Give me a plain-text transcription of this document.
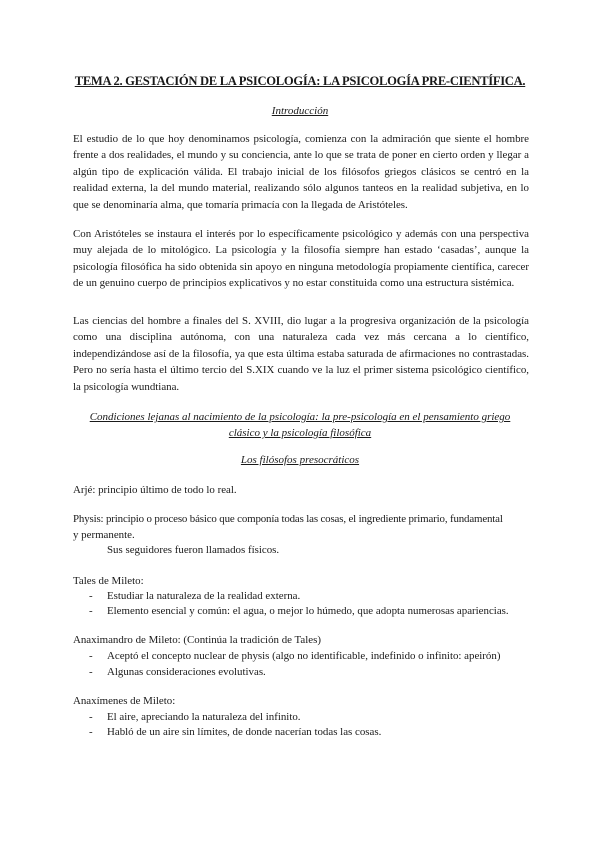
TEMA 2. GESTACIÓN DE LA PSICOLOGÍA: LA PSICOLOGÍA PRE-CIENTÍFICA.
Introducción
El estudio de lo que hoy denominamos psicología, comienza con la admiración que siente el hombre frente a dos realidades, el mundo y su conciencia, ante lo que se trata de poner en cierto orden y llegar a algún tipo de explicación válida. El trabajo inicial de los filósofos griegos clásicos se centró en la realidad externa, la del mundo material, realizando sólo algunos tanteos en la realidad subjetiva, en lo que se denominaría alma, que tomaría primacía con la llegada de Aristóteles.
Con Aristóteles se instaura el interés por lo específicamente psicológico y además con una perspectiva muy alejada de lo mitológico. La psicología y la filosofía siempre han estado ‘casadas’, aunque la psicología filosófica ha sido obtenida sin apoyo en ninguna metodología propiamente científica, carecer de un genuino cuerpo de principios explicativos y no estar constituida como una estructura sistémica.
Las ciencias del hombre a finales del S. XVIII, dio lugar a la progresiva organización de la psicología como una disciplina autónoma, con una naturaleza cada vez más cercana a lo científico, independizándose así de la filosofía, ya que esta última estaba saturada de afirmaciones no contrastadas. Pero no sería hasta el último tercio del S.XIX cuando ve la luz el primer sistema psicológico científico, la psicología wundtiana.
Condiciones lejanas al nacimiento de la psicología: la pre-psicología en el pensamiento griego
clásico y la psicología filosófica
Los filósofos presocráticos
Arjé: principio último de todo lo real.
Physis: principio o proceso básico que componía todas las cosas, el ingrediente primario, fundamental
y permanente.
Sus seguidores fueron llamados físicos.
Tales de Mileto:
- Estudiar la naturaleza de la realidad externa.
- Elemento esencial y común: el agua, o mejor lo húmedo, que adopta numerosas apariencias.
Anaximandro de Mileto: (Continúa la tradición de Tales)
- Aceptó el concepto nuclear de physis (algo no identificable, indefinido o infinito: apeirón)
- Algunas consideraciones evolutivas.
Anaxímenes de Mileto:
- El aire, apreciando la naturaleza del infinito.
- Habló de un aire sin límites, de donde nacerían todas las cosas.
